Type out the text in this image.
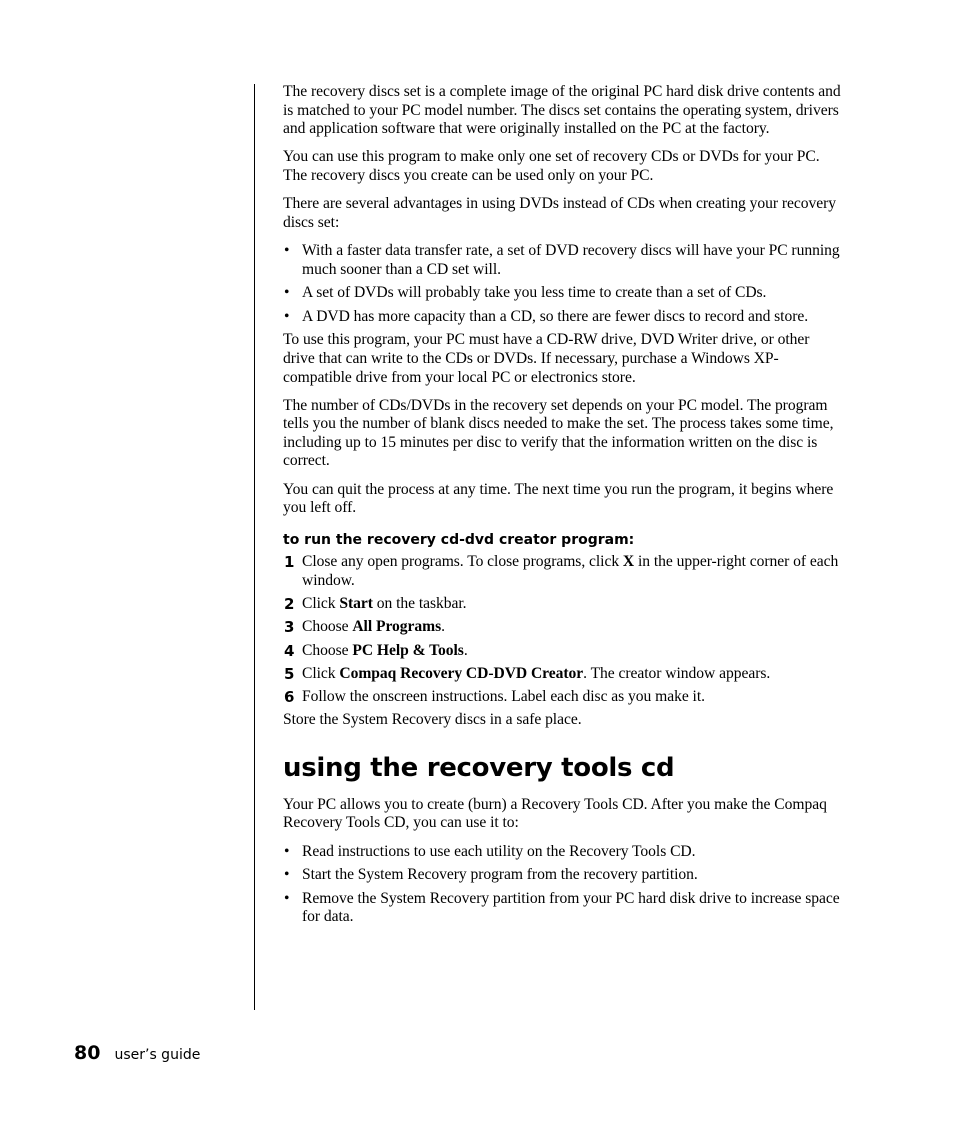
The recovery discs set is a complete image of the original PC hard disk drive contents and is matched to your PC model number. The discs set contains the operating system, drivers and application software that were originally installed on the PC at the factory.

You can use this program to make only one set of recovery CDs or DVDs for your PC. The recovery discs you create can be used only on your PC.

There are several advantages in using DVDs instead of CDs when creating your recovery discs set:

• With a faster data transfer rate, a set of DVD recovery discs will have your PC running much sooner than a CD set will.
• A set of DVDs will probably take you less time to create than a set of CDs.
• A DVD has more capacity than a CD, so there are fewer discs to record and store.

To use this program, your PC must have a CD-RW drive, DVD Writer drive, or other drive that can write to the CDs or DVDs. If necessary, purchase a Windows XP-compatible drive from your local PC or electronics store.

The number of CDs/DVDs in the recovery set depends on your PC model. The program tells you the number of blank discs needed to make the set. The process takes some time, including up to 15 minutes per disc to verify that the information written on the disc is correct.

You can quit the process at any time. The next time you run the program, it begins where you left off.

to run the recovery cd-dvd creator program:
1 Close any open programs. To close programs, click X in the upper-right corner of each window.
2 Click Start on the taskbar.
3 Choose All Programs.
4 Choose PC Help & Tools.
5 Click Compaq Recovery CD-DVD Creator. The creator window appears.
6 Follow the onscreen instructions. Label each disc as you make it.

Store the System Recovery discs in a safe place.

using the recovery tools cd

Your PC allows you to create (burn) a Recovery Tools CD. After you make the Compaq Recovery Tools CD, you can use it to:

• Read instructions to use each utility on the Recovery Tools CD.
• Start the System Recovery program from the recovery partition.
• Remove the System Recovery partition from your PC hard disk drive to increase space for data.
80 user’s guide
